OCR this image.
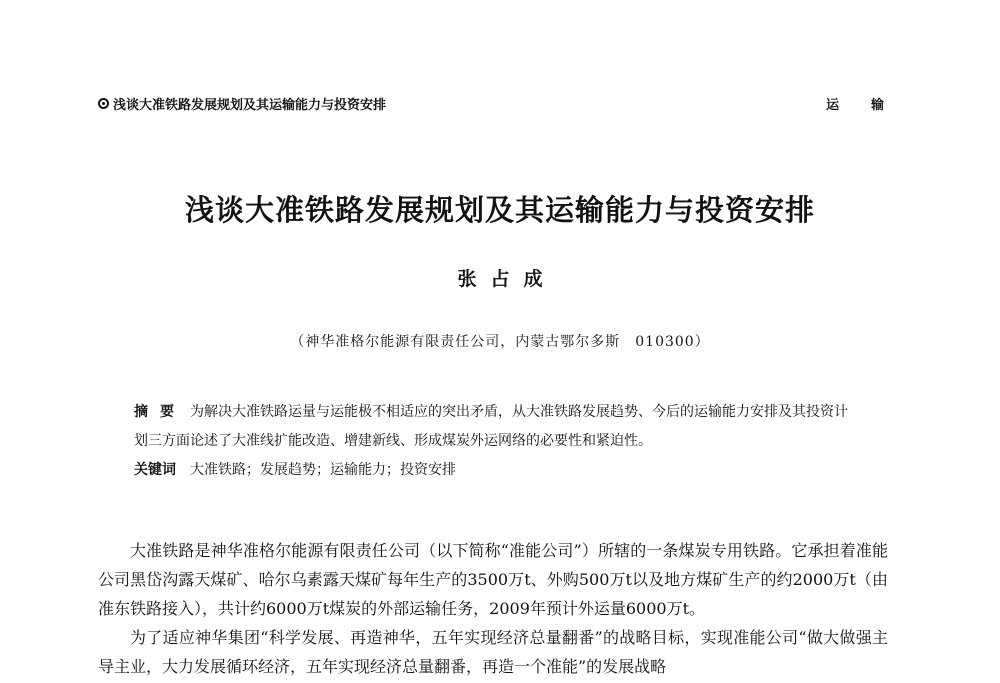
浅谈大准铁路发展规划及其运输能力与投资安排	运输
浅谈大准铁路发展规划及其运输能力与投资安排
张占成
（神华准格尔能源有限责任公司，内蒙古鄂尔多斯　010300）

摘要 为解决大准铁路运量与运能极不相适应的突出矛盾，从大准铁路发展趋势、今后的运输能力安排及其投资计划三方面论述了大准线扩能改造、增建新线、形成煤炭外运网络的必要性和紧迫性。

关键词 大准铁路；发展趋势；运输能力；投资安排

大准铁路是神华准格尔能源有限责任公司（以下简称“准能公司”）所辖的一条煤炭专用铁路。它承担着准能公司黑岱沟露天煤矿、哈尔乌素露天煤矿每年生产的3500万t、外购500万t以及地方煤矿生产的约2000万t（由准东铁路接入），共计约6000万t煤炭的外部运输任务，2009年预计外运量6000万t。

为了适应神华集团“科学发展、再造神华，五年实现经济总量翻番”的战略目标，实现准能公司“做大做强主导主业，大力发展循环经济，五年实现经济总量翻番，再造一个准能”的发展战略
